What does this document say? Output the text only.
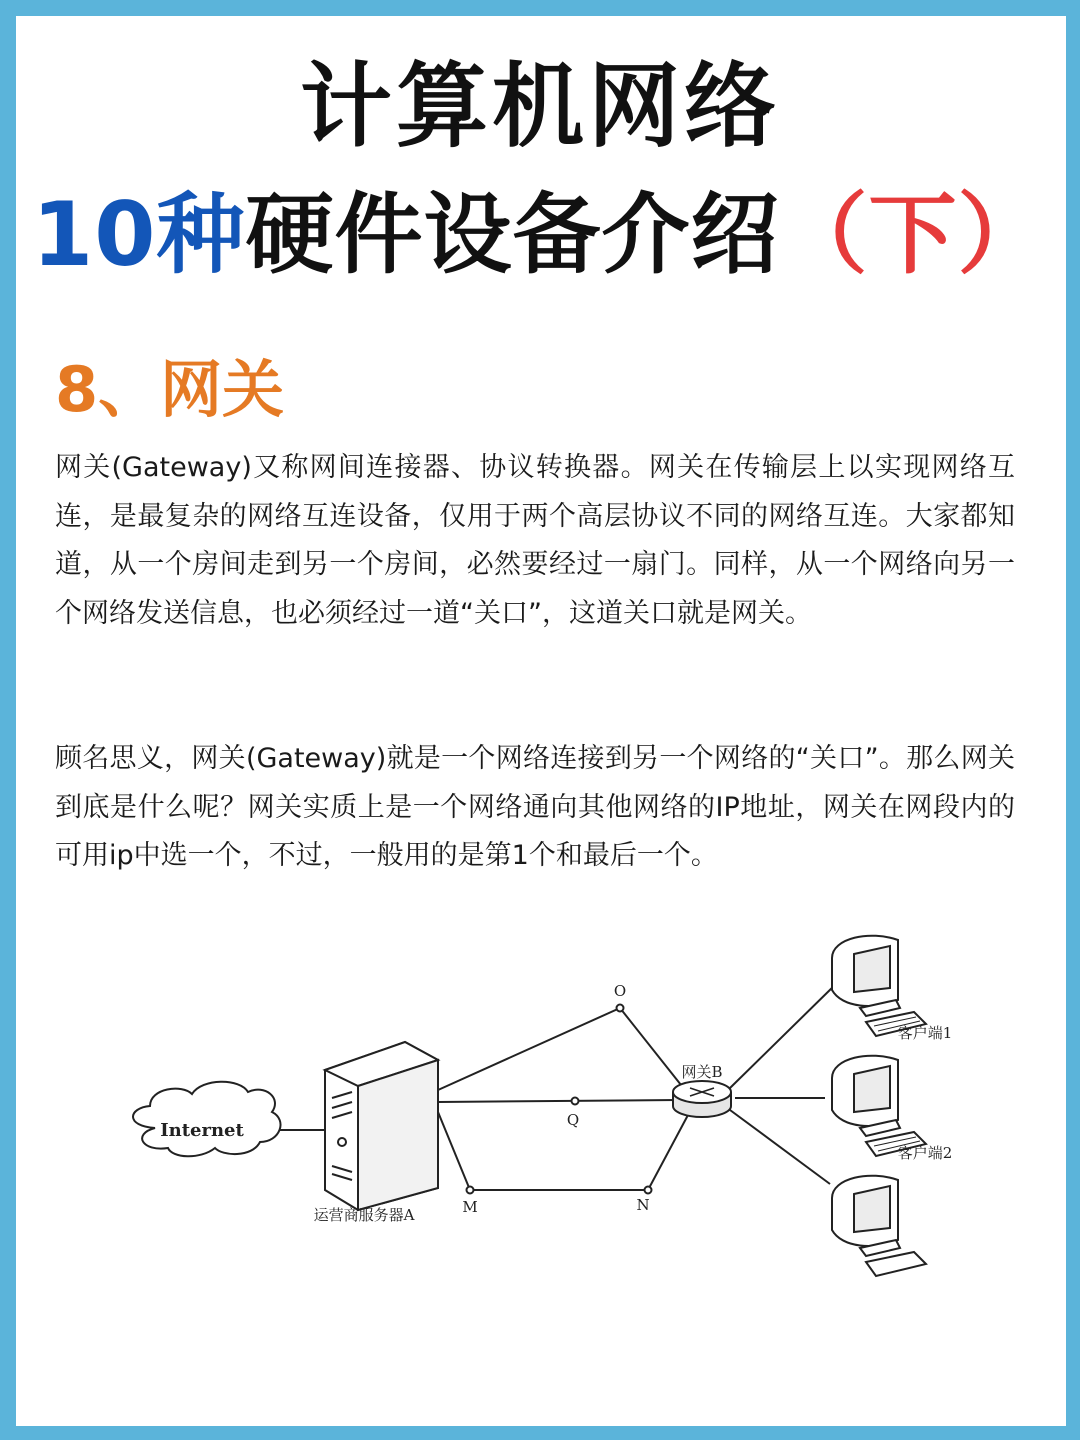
计算机网络
10种硬件设备介绍（下）
8、网关

网关(Gateway)又称网间连接器、协议转换器。网关在传输层上以实现网络互连，是最复杂的网络互连设备，仅用于两个高层协议不同的网络互连。大家都知道，从一个房间走到另一个房间，必然要经过一扇门。同样，从一个网络向另一个网络发送信息，也必须经过一道“关口”，这道关口就是网关。

顾名思义，网关(Gateway)就是一个网络连接到另一个网络的“关口”。那么网关到底是什么呢？网关实质上是一个网络通向其他网络的IP地址，网关在网段内的可用ip中选一个，不过，一般用的是第1个和最后一个。

Internet
运营商服务器A
O
Q
M	N
网关B
客户端1
客户端2
